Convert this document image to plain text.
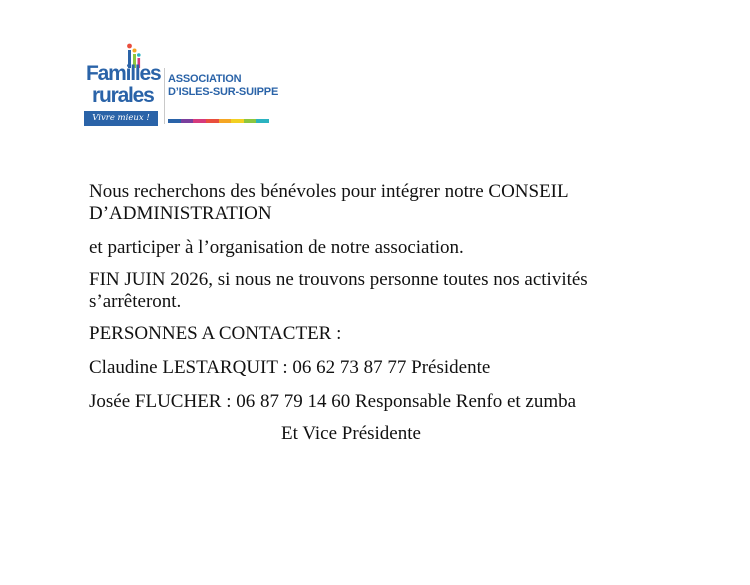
Familles
rurales
Vivre mieux !
ASSOCIATION
D’ISLES-SUR-SUIPPE

Nous recherchons des bénévoles pour intégrer notre CONSEIL D’ADMINISTRATION

et participer à l’organisation de notre association.

FIN JUIN 2026, si nous ne trouvons personne toutes nos activités s’arrêteront.

PERSONNES A CONTACTER :

Claudine LESTARQUIT : 06 62 73 87 77 Présidente

Josée FLUCHER : 06 87 79 14 60 Responsable Renfo et zumba

Et Vice Présidente
